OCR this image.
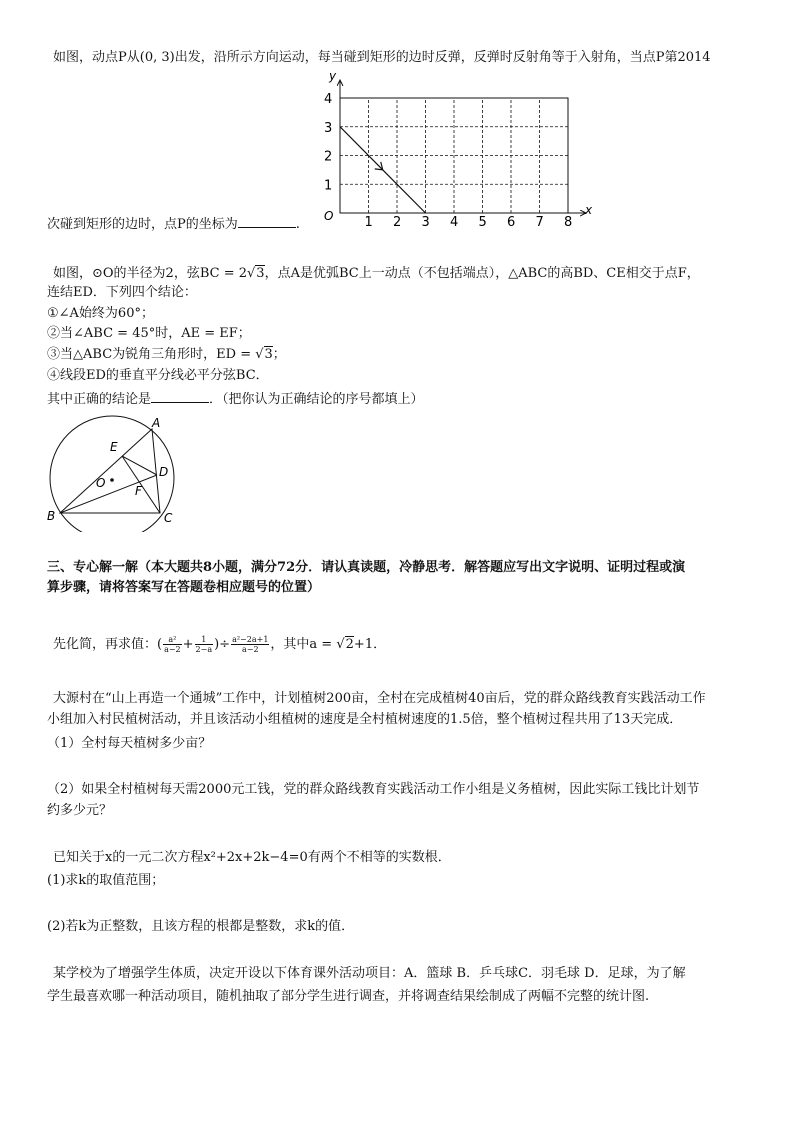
如图，动点P从(0, 3)出发，沿所示方向运动，每当碰到矩形的边时反弹，反弹时反射角等于入射角，当点P第2014
x
y
O 1 2 3 4 5 6 7 8
1
2
3
4
次碰到矩形的边时，点P的坐标为	.
如图，⊙O的半径为2，弦BC = 2√3，点A是优弧BC上一动点（不包括端点），△ABC的高BD、CE相交于点F，
连结ED．下列四个结论：
①∠A始终为60°；
②当∠ABC = 45°时，AE = EF；
③当△ABC为锐角三角形时，ED = √3；
④线段ED的垂直平分线必平分弦BC．
其中正确的结论是	．（把你认为正确结论的序号都填上）
A
B	C
D
E
F
O
三、专心解一解（本大题共8小题，满分72分．请认真读题，冷静思考．解答题应写出文字说明、证明过程或演
算步骤，请将答案写在答题卷相应题号的位置）
先化简，再求值：( $\frac{\text{a²}}{a-2} + \frac{1}{2-a}$ )÷ $\frac{\text{a²−2a+1}}{a-2}$ ，其中a = √2+1．
大源村在“山上再造一个通城”工作中，计划植树200亩，全村在完成植树40亩后，党的群众路线教育实践活动工作
小组加入村民植树活动，并且该活动小组植树的速度是全村植树速度的1.5倍，整个植树过程共用了13天完成．
（1）全村每天植树多少亩？
（2）如果全村植树每天需2000元工钱，党的群众路线教育实践活动工作小组是义务植树，因此实际工钱比计划节
约多少元？
已知关于x的一元二次方程x²+2x+2k−4=0有两个不相等的实数根．
(1)求k的取值范围；
(2)若k为正整数，且该方程的根都是整数，求k的值．
某学校为了增强学生体质，决定开设以下体育课外活动项目：A．篮球 B．乒乓球C．羽毛球 D．足球，为了解
学生最喜欢哪一种活动项目，随机抽取了部分学生进行调查，并将调查结果绘制成了两幅不完整的统计图.
